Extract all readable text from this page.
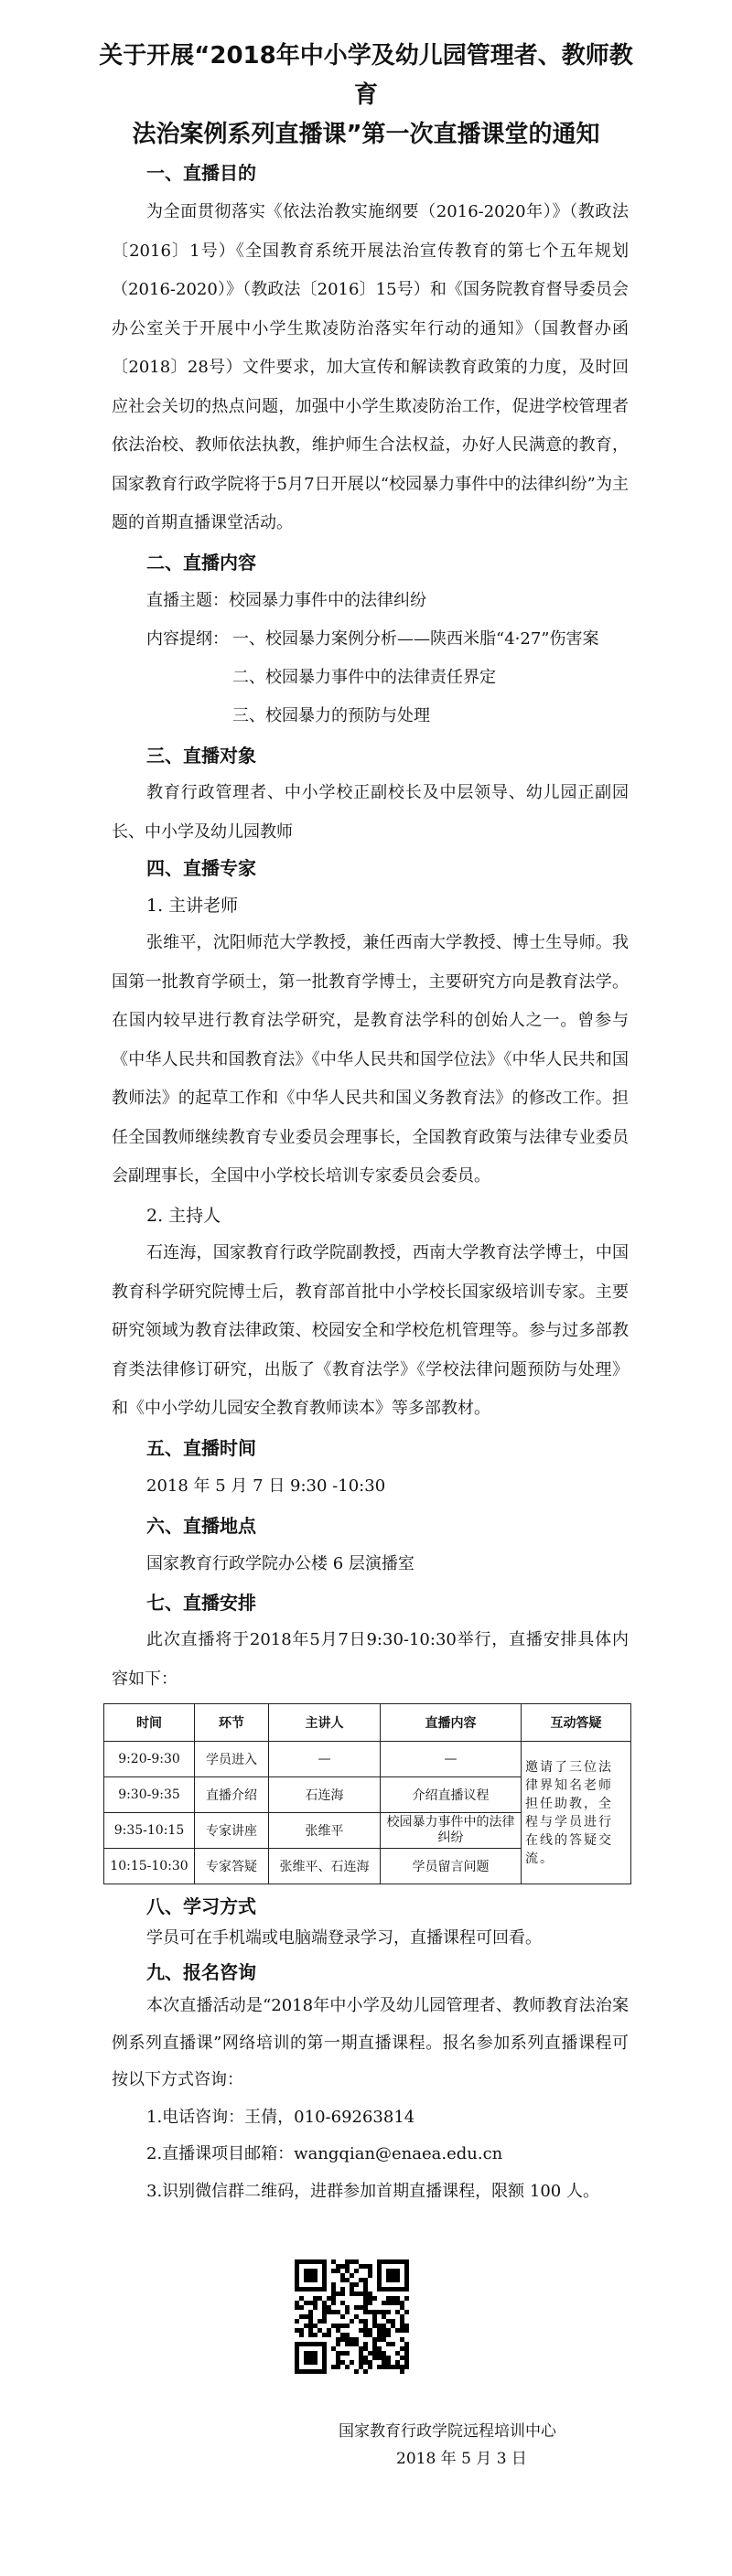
关于开展“2018年中小学及幼儿园管理者、教师教育
法治案例系列直播课”第一次直播课堂的通知
一、直播目的
为全面贯彻落实《依法治教实施纲要（2016-2020年）》（教政法〔2016〕1号）《全国教育系统开展法治宣传教育的第七个五年规划（2016-2020）》（教政法〔2016〕15号）和《国务院教育督导委员会办公室关于开展中小学生欺凌防治落实年行动的通知》（国教督办函〔2018〕28号）文件要求，加大宣传和解读教育政策的力度，及时回应社会关切的热点问题，加强中小学生欺凌防治工作，促进学校管理者依法治校、教师依法执教，维护师生合法权益，办好人民满意的教育，国家教育行政学院将于5月7日开展以“校园暴力事件中的法律纠纷”为主题的首期直播课堂活动。
二、直播内容
直播主题：校园暴力事件中的法律纠纷
内容提纲： 一、校园暴力案例分析——陕西米脂“4·27”伤害案
二、校园暴力事件中的法律责任界定
三、校园暴力的预防与处理
三、直播对象
教育行政管理者、中小学校正副校长及中层领导、幼儿园正副园长、中小学及幼儿园教师
四、直播专家
1. 主讲老师
张维平，沈阳师范大学教授，兼任西南大学教授、博士生导师。我国第一批教育学硕士，第一批教育学博士，主要研究方向是教育法学。在国内较早进行教育法学研究，是教育法学科的创始人之一。曾参与《中华人民共和国教育法》《中华人民共和国学位法》《中华人民共和国教师法》的起草工作和《中华人民共和国义务教育法》的修改工作。担任全国教师继续教育专业委员会理事长，全国教育政策与法律专业委员会副理事长，全国中小学校长培训专家委员会委员。
2. 主持人
石连海，国家教育行政学院副教授，西南大学教育法学博士，中国教育科学研究院博士后，教育部首批中小学校长国家级培训专家。主要研究领域为教育法律政策、校园安全和学校危机管理等。参与过多部教育类法律修订研究，出版了《教育法学》《学校法律问题预防与处理》和《中小学幼儿园安全教育教师读本》等多部教材。
五、直播时间
2018 年 5 月 7 日 9:30 -10:30
六、直播地点
国家教育行政学院办公楼 6 层演播室
七、直播安排
此次直播将于2018年5月7日9:30-10:30举行，直播安排具体内容如下：
时间	环节	主讲人	直播内容	互动答疑
9:20-9:30	学员进入	—	—	邀请了三位法律界知名老师担任助教，全程与学员进行在线的答疑交流。
9:30-9:35	直播介绍	石连海	介绍直播议程	
9:35-10:15	专家讲座	张维平	校园暴力事件中的法律纠纷	
10:15-10:30	专家答疑	张维平、石连海	学员留言问题	
八、学习方式
学员可在手机端或电脑端登录学习，直播课程可回看。
九、报名咨询
本次直播活动是“2018年中小学及幼儿园管理者、教师教育法治案例系列直播课”网络培训的第一期直播课程。报名参加系列直播课程可按以下方式咨询：
1.电话咨询：王倩，010-69263814
2.直播课项目邮箱：wangqian@enaea.edu.cn
3.识别微信群二维码，进群参加首期直播课程，限额 100 人。
国家教育行政学院远程培训中心
2018 年 5 月 3 日
